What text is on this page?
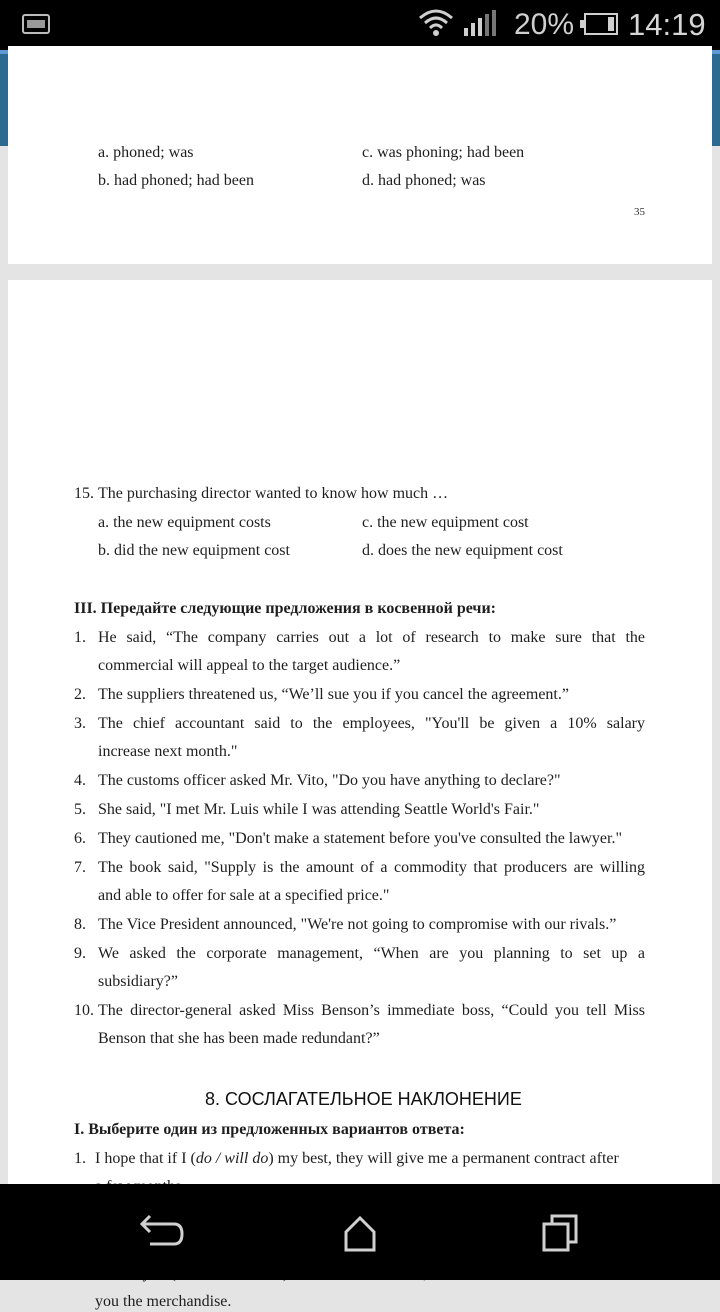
20% 14:19
a. phoned; was	c. was phoning; had been
b. had phoned; had been	d. had phoned; was
35
15. The purchasing director wanted to know how much …
a. the new equipment costs	c. the new equipment cost
b. did the new equipment cost	d. does the new equipment cost
III. Передайте следующие предложения в косвенной речи:
1. He said, “The company carries out a lot of research to make sure that the
commercial will appeal to the target audience.”
2. The suppliers threatened us, “We’ll sue you if you cancel the agreement.”
3. The chief accountant said to the employees, "You'll be given a 10% salary
increase next month."
4. The customs officer asked Mr. Vito, "Do you have anything to declare?"
5. She said, "I met Mr. Luis while I was attending Seattle World's Fair."
6. They cautioned me, "Don't make a statement before you've consulted the lawyer."
7. The book said, "Supply is the amount of a commodity that producers are willing
and able to offer for sale at a specified price."
8. The Vice President announced, "We're not going to compromise with our rivals.”
9. We asked the corporate management, “When are you planning to set up a
subsidiary?”
10. The director-general asked Miss Benson’s immediate boss, “Could you tell Miss
Benson that she has been made redundant?”
8. СОСЛАГАТЕЛЬНОЕ НАКЛОНЕНИЕ
I. Выберите один из предложенных вариантов ответа:
1. I hope that if I (do / will do) my best, they will give me a permanent contract after
you the merchandise.
